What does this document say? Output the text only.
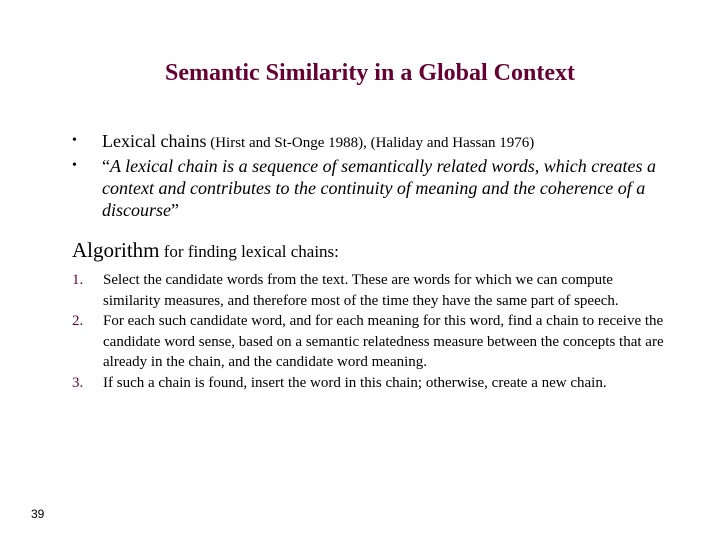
Semantic Similarity in a Global Context
• Lexical chains (Hirst and St-Onge 1988), (Haliday and Hassan 1976)
• “A lexical chain is a sequence of semantically related words, which creates a context and contributes to the continuity of meaning and the coherence of a discourse”
Algorithm for finding lexical chains:
1. Select the candidate words from the text. These are words for which we can compute similarity measures, and therefore most of the time they have the same part of speech.
2. For each such candidate word, and for each meaning for this word, find a chain to receive the candidate word sense, based on a semantic relatedness measure between the concepts that are already in the chain, and the candidate word meaning.
3. If such a chain is found, insert the word in this chain; otherwise, create a new chain.
39
